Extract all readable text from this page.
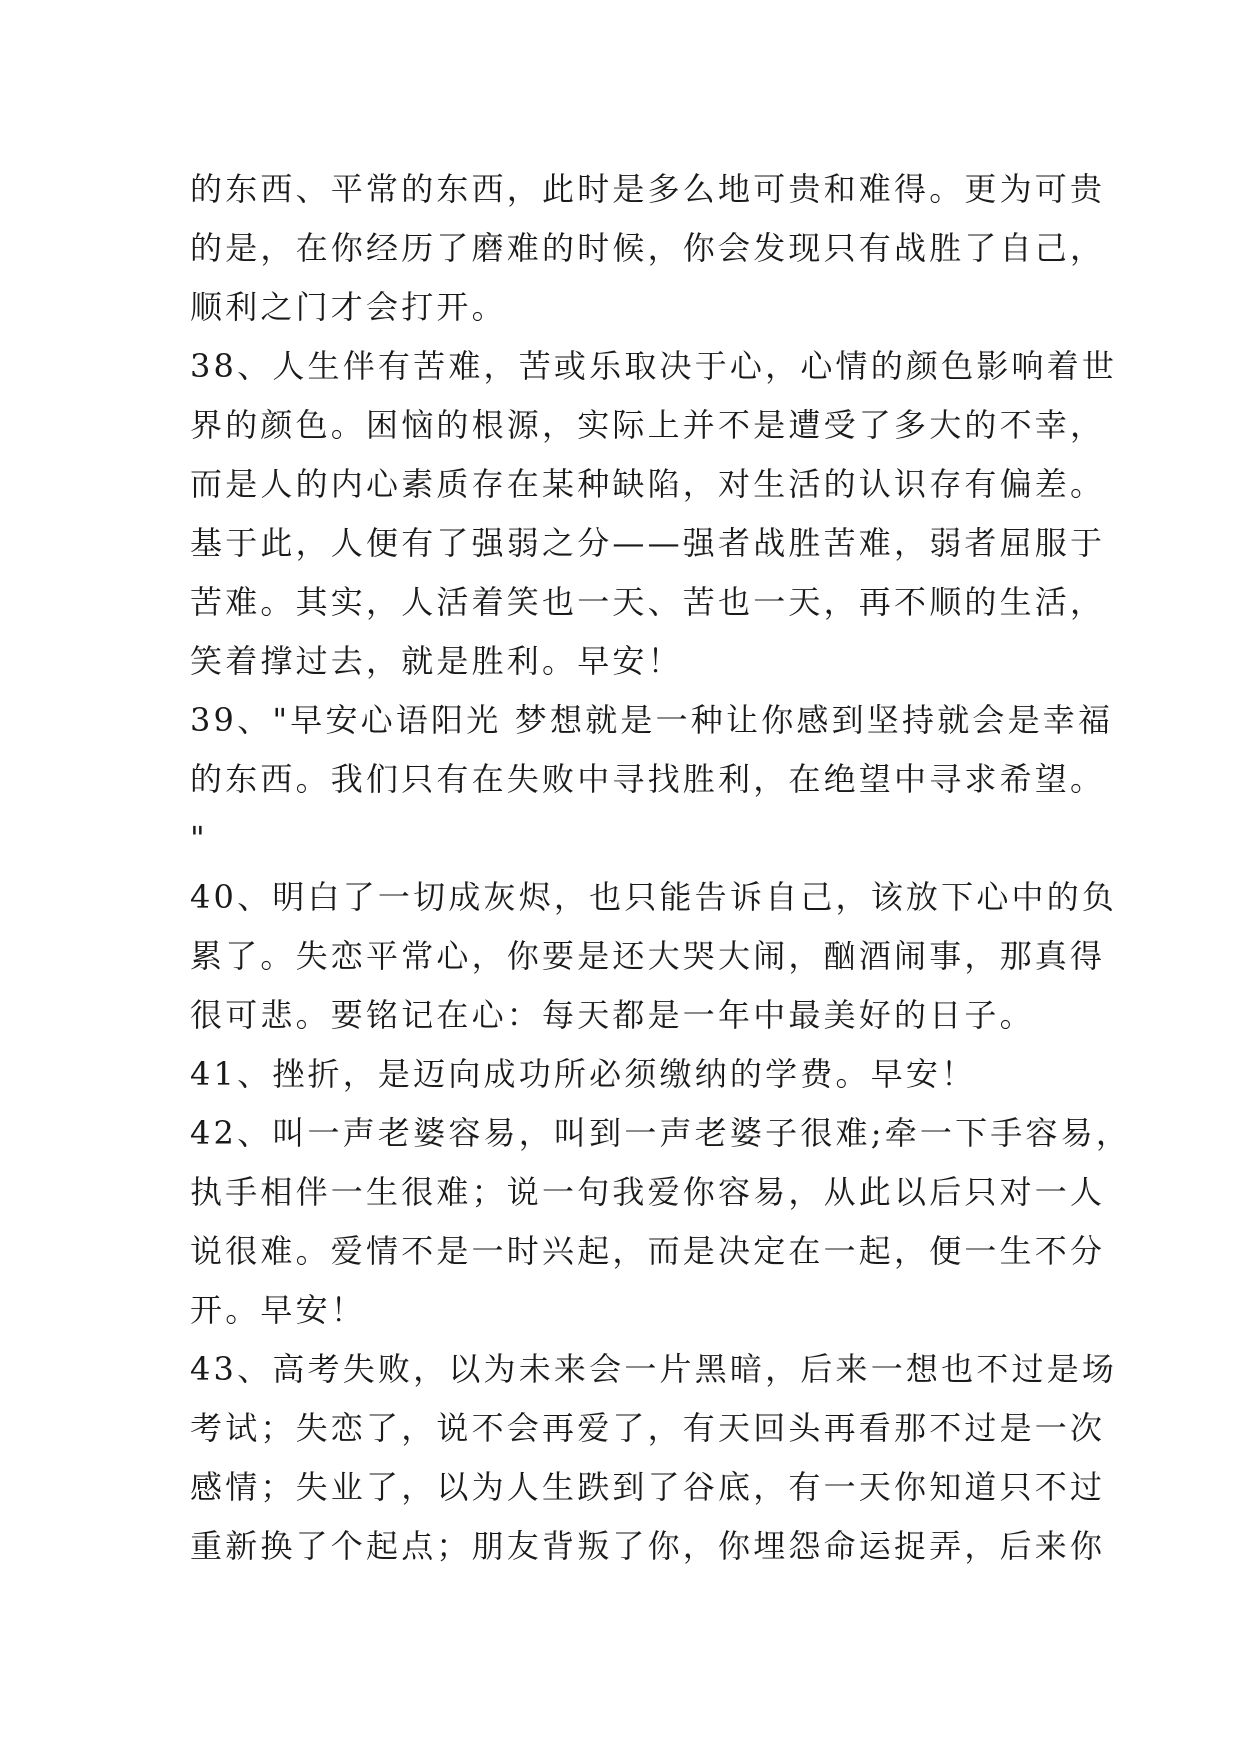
的东西、平常的东西，此时是多么地可贵和难得。更为可贵
的是，在你经历了磨难的时候，你会发现只有战胜了自己，
顺利之门才会打开。
38、人生伴有苦难，苦或乐取决于心，心情的颜色影响着世
界的颜色。困恼的根源，实际上并不是遭受了多大的不幸，
而是人的内心素质存在某种缺陷，对生活的认识存有偏差。
基于此，人便有了强弱之分——强者战胜苦难，弱者屈服于
苦难。其实，人活着笑也一天、苦也一天，再不顺的生活，
笑着撑过去，就是胜利。早安！
39、"早安心语阳光 梦想就是一种让你感到坚持就会是幸福
的东西。我们只有在失败中寻找胜利，在绝望中寻求希望。
"
40、明白了一切成灰烬，也只能告诉自己，该放下心中的负
累了。失恋平常心，你要是还大哭大闹，酗酒闹事，那真得
很可悲。要铭记在心：每天都是一年中最美好的日子。
41、挫折，是迈向成功所必须缴纳的学费。早安！
42、叫一声老婆容易，叫到一声老婆子很难;牵一下手容易，
执手相伴一生很难；说一句我爱你容易，从此以后只对一人
说很难。爱情不是一时兴起，而是决定在一起，便一生不分
开。早安！
43、高考失败，以为未来会一片黑暗，后来一想也不过是场
考试；失恋了，说不会再爱了，有天回头再看那不过是一次
感情；失业了，以为人生跌到了谷底，有一天你知道只不过
重新换了个起点；朋友背叛了你，你埋怨命运捉弄，后来你
